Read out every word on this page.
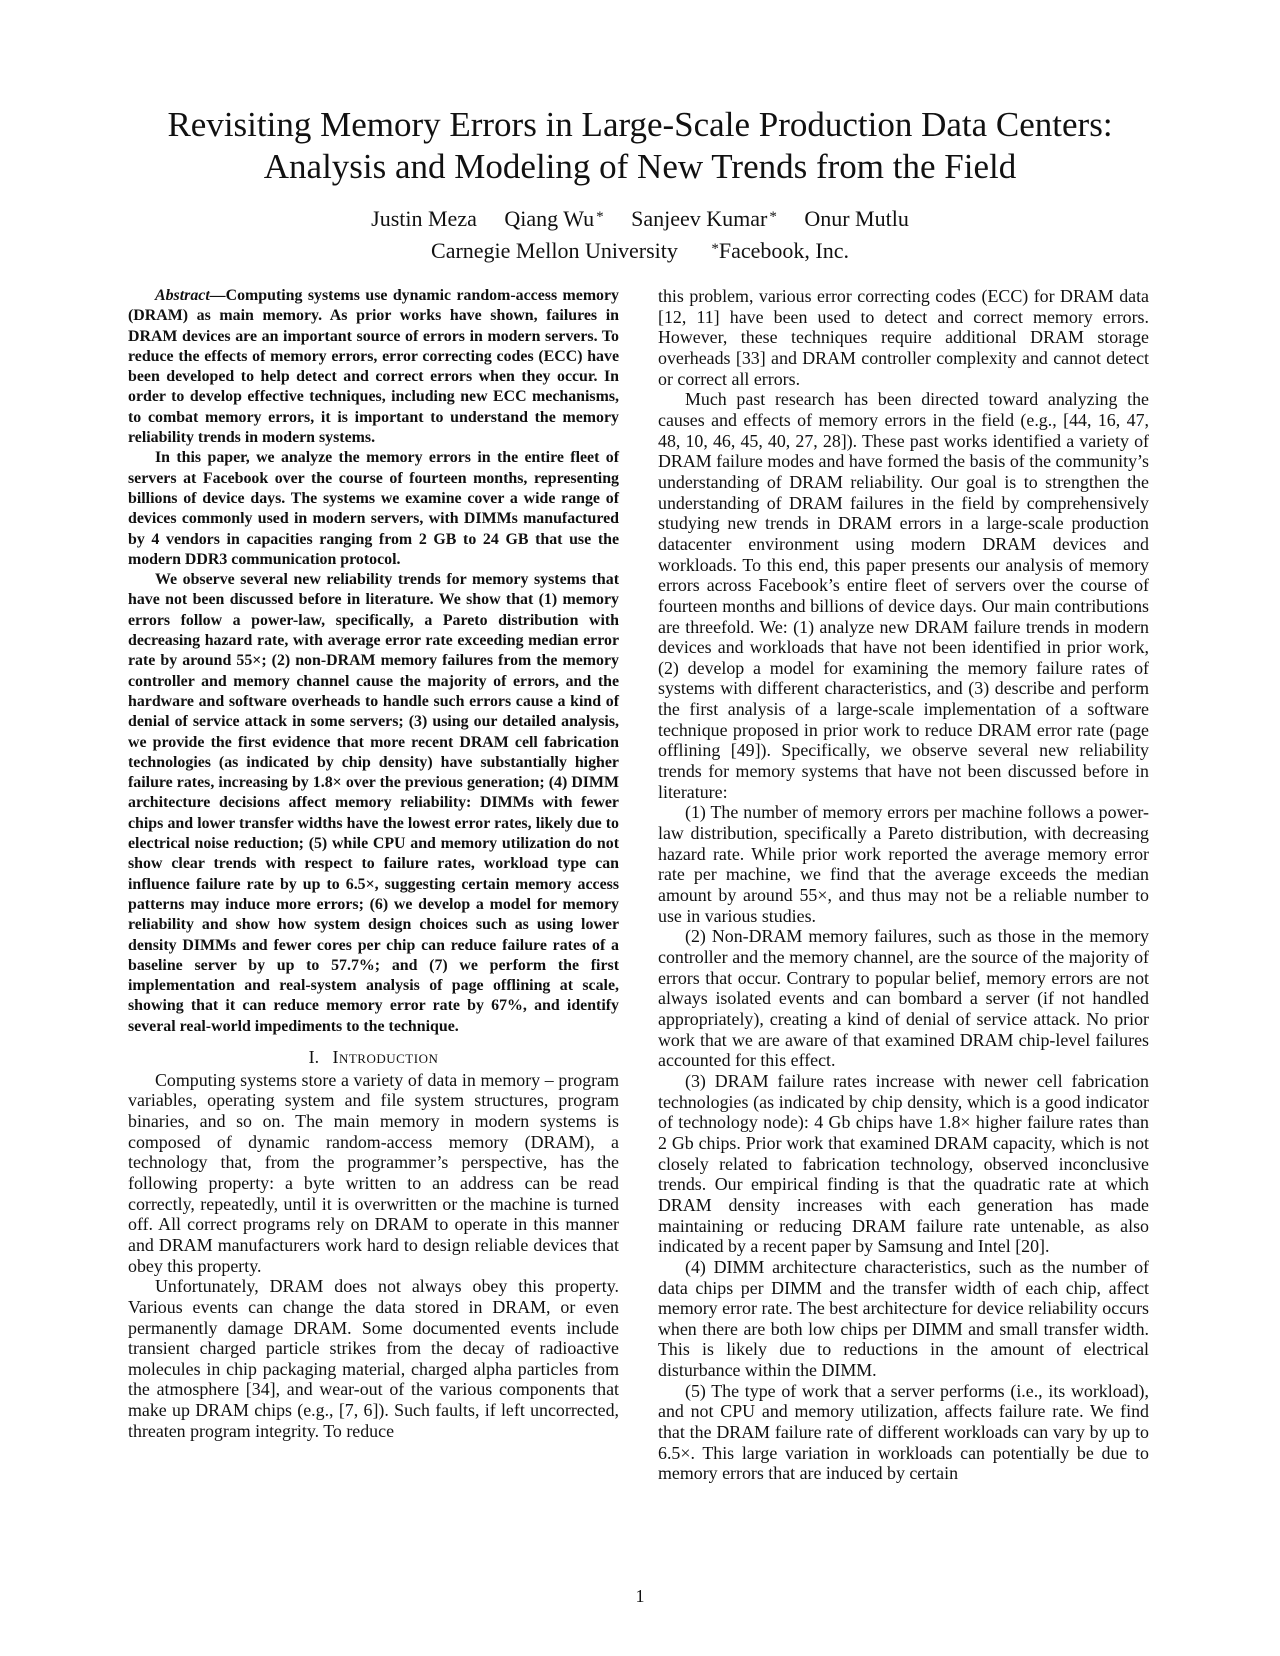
Revisiting Memory Errors in Large-Scale Production Data Centers:
Analysis and Modeling of New Trends from the Field
Justin Meza Qiang Wu * Sanjeev Kumar * Onur Mutlu
Carnegie Mellon University *Facebook, Inc.

Abstract—Computing systems use dynamic random-access memory (DRAM) as main memory. As prior works have shown, failures in DRAM devices are an important source of errors in modern servers. To reduce the effects of memory errors, error correcting codes (ECC) have been developed to help detect and correct errors when they occur. In order to develop effective techniques, including new ECC mechanisms, to combat memory errors, it is important to understand the memory reliability trends in modern systems.

In this paper, we analyze the memory errors in the entire fleet of servers at Facebook over the course of fourteen months, representing billions of device days. The systems we examine cover a wide range of devices commonly used in modern servers, with DIMMs manufactured by 4 vendors in capacities ranging from 2 GB to 24 GB that use the modern DDR3 communication protocol.

We observe several new reliability trends for memory systems that have not been discussed before in literature. We show that (1) memory errors follow a power-law, specifically, a Pareto distribution with decreasing hazard rate, with average error rate exceeding median error rate by around 55×; (2) non-DRAM memory failures from the memory controller and memory channel cause the majority of errors, and the hardware and software overheads to handle such errors cause a kind of denial of service attack in some servers; (3) using our detailed analysis, we provide the first evidence that more recent DRAM cell fabrication technologies (as indicated by chip density) have substantially higher failure rates, increasing by 1.8× over the previous generation; (4) DIMM architecture decisions affect memory reliability: DIMMs with fewer chips and lower transfer widths have the lowest error rates, likely due to electrical noise reduction; (5) while CPU and memory utilization do not show clear trends with respect to failure rates, workload type can influence failure rate by up to 6.5×, suggesting certain memory access patterns may induce more errors; (6) we develop a model for memory reliability and show how system design choices such as using lower density DIMMs and fewer cores per chip can reduce failure rates of a baseline server by up to 57.7%; and (7) we perform the first implementation and real-system analysis of page offlining at scale, showing that it can reduce memory error rate by 67%, and identify several real-world impediments to the technique.

I. Introduction

Computing systems store a variety of data in memory – program variables, operating system and file system structures, program binaries, and so on. The main memory in modern systems is composed of dynamic random-access memory (DRAM), a technology that, from the programmer’s perspective, has the following property: a byte written to an address can be read correctly, repeatedly, until it is overwritten or the machine is turned off. All correct programs rely on DRAM to operate in this manner and DRAM manufacturers work hard to design reliable devices that obey this property.

Unfortunately, DRAM does not always obey this property. Various events can change the data stored in DRAM, or even permanently damage DRAM. Some documented events include transient charged particle strikes from the decay of radioactive molecules in chip packaging material, charged alpha particles from the atmosphere [34], and wear-out of the various components that make up DRAM chips (e.g., [7, 6]). Such faults, if left uncorrected, threaten program integrity. To reduce

this problem, various error correcting codes (ECC) for DRAM data [12, 11] have been used to detect and correct memory errors. However, these techniques require additional DRAM storage overheads [33] and DRAM controller complexity and cannot detect or correct all errors.

Much past research has been directed toward analyzing the causes and effects of memory errors in the field (e.g., [44, 16, 47, 48, 10, 46, 45, 40, 27, 28]). These past works identified a variety of DRAM failure modes and have formed the basis of the community’s understanding of DRAM reliability. Our goal is to strengthen the understanding of DRAM failures in the field by comprehensively studying new trends in DRAM errors in a large-scale production datacenter environment using modern DRAM devices and workloads. To this end, this paper presents our analysis of memory errors across Facebook’s entire fleet of servers over the course of fourteen months and billions of device days. Our main contributions are threefold. We: (1) analyze new DRAM failure trends in modern devices and workloads that have not been identified in prior work, (2) develop a model for examining the memory failure rates of systems with different characteristics, and (3) describe and perform the first analysis of a large-scale implementation of a software technique proposed in prior work to reduce DRAM error rate (page offlining [49]). Specifically, we observe several new reliability trends for memory systems that have not been discussed before in literature:

(1) The number of memory errors per machine follows a power-law distribution, specifically a Pareto distribution, with decreasing hazard rate. While prior work reported the average memory error rate per machine, we find that the average exceeds the median amount by around 55×, and thus may not be a reliable number to use in various studies.

(2) Non-DRAM memory failures, such as those in the memory controller and the memory channel, are the source of the majority of errors that occur. Contrary to popular belief, memory errors are not always isolated events and can bombard a server (if not handled appropriately), creating a kind of denial of service attack. No prior work that we are aware of that examined DRAM chip-level failures accounted for this effect.

(3) DRAM failure rates increase with newer cell fabrication technologies (as indicated by chip density, which is a good indicator of technology node): 4 Gb chips have 1.8× higher failure rates than 2 Gb chips. Prior work that examined DRAM capacity, which is not closely related to fabrication technology, observed inconclusive trends. Our empirical finding is that the quadratic rate at which DRAM density increases with each generation has made maintaining or reducing DRAM failure rate untenable, as also indicated by a recent paper by Samsung and Intel [20].

(4) DIMM architecture characteristics, such as the number of data chips per DIMM and the transfer width of each chip, affect memory error rate. The best architecture for device reliability occurs when there are both low chips per DIMM and small transfer width. This is likely due to reductions in the amount of electrical disturbance within the DIMM.

(5) The type of work that a server performs (i.e., its workload), and not CPU and memory utilization, affects failure rate. We find that the DRAM failure rate of different workloads can vary by up to 6.5×. This large variation in workloads can potentially be due to memory errors that are induced by certain

1
